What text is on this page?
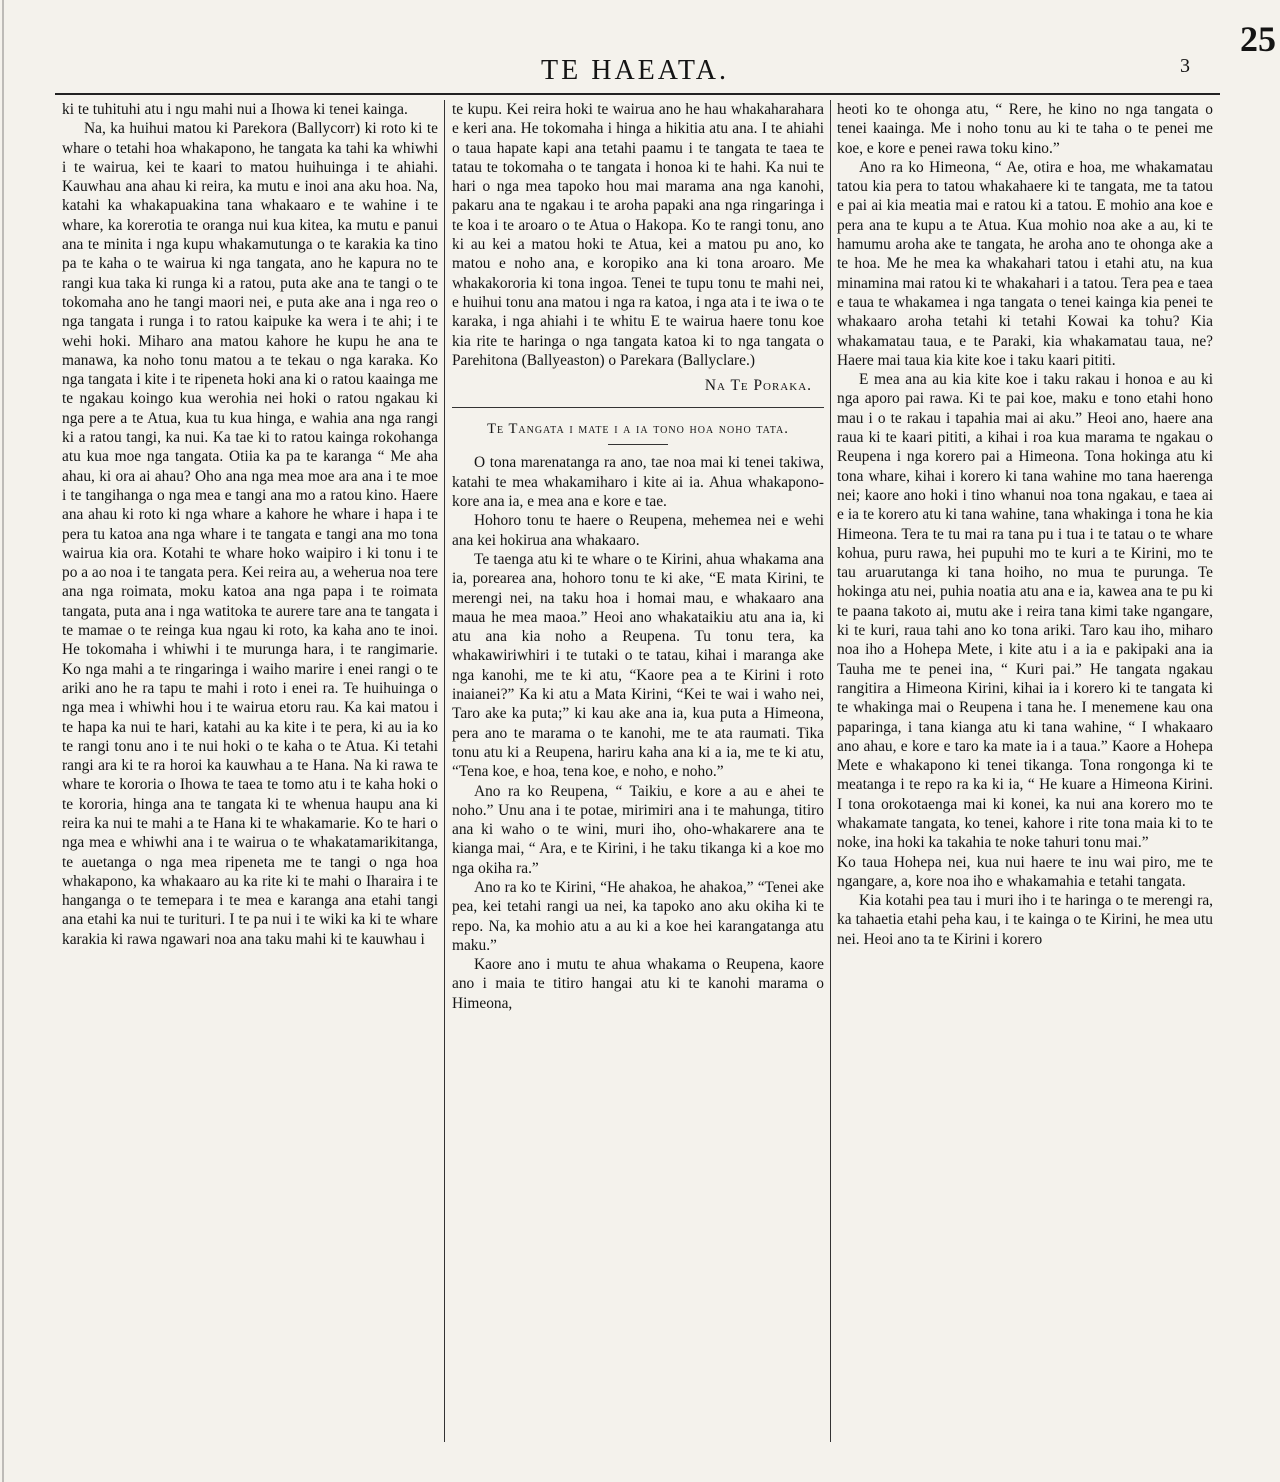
TE HAEATA.	3
25

ki te tuhituhi atu i ngu mahi nui a Ihowa ki tenei kainga.

Na, ka huihui matou ki Parekora (Ballycorr) ki roto ki te whare o tetahi hoa whakapono, he tangata ka tahi ka whiwhi i te wairua, kei te kaari to matou huihuinga i te ahiahi. Kauwhau ana ahau ki reira, ka mutu e inoi ana aku hoa. Na, katahi ka whakapuakina tana whakaaro e te wahine i te whare, ka korerotia te oranga nui kua kitea, ka mutu e panui ana te minita i nga kupu whakamutunga o te karakia ka tino pa te kaha o te wairua ki nga tangata, ano he kapura no te rangi kua taka ki runga ki a ratou, puta ake ana te tangi o te tokomaha ano he tangi maori nei, e puta ake ana i nga reo o nga tangata i runga i to ratou kaipuke ka wera i te ahi; i te wehi hoki. Miharo ana matou kahore he kupu he ana te manawa, ka noho tonu matou a te tekau o nga karaka. Ko nga tangata i kite i te ripeneta hoki ana ki o ratou kaainga me te ngakau koingo kua werohia nei hoki o ratou ngakau ki nga pere a te Atua, kua tu kua hinga, e wahia ana nga rangi ki a ratou tangi, ka nui. Ka tae ki to ratou kainga rokohanga atu kua moe nga tangata. Otiia ka pa te karanga “ Me aha ahau, ki ora ai ahau? Oho ana nga mea moe ara ana i te moe i te tangihanga o nga mea e tangi ana mo a ratou kino. Haere ana ahau ki roto ki nga whare a kahore he whare i hapa i te pera tu katoa ana nga whare i te tangata e tangi ana mo tona wairua kia ora. Kotahi te whare hoko waipiro i ki tonu i te po a ao noa i te tangata pera. Kei reira au, a weherua noa tere ana nga roimata, moku katoa ana nga papa i te roimata tangata, puta ana i nga watitoka te aurere tare ana te tangata i te mamae o te reinga kua ngau ki roto, ka kaha ano te inoi. He tokomaha i whiwhi i te murunga hara, i te rangimarie. Ko nga mahi a te ringaringa i waiho marire i enei rangi o te ariki ano he ra tapu te mahi i roto i enei ra. Te huihuinga o nga mea i whiwhi hou i te wairua etoru rau. Ka kai matou i te hapa ka nui te hari, katahi au ka kite i te pera, ki au ia ko te rangi tonu ano i te nui hoki o te kaha o te Atua. Ki tetahi rangi ara ki te ra horoi ka kauwhau a te Hana. Na ki rawa te whare te kororia o Ihowa te taea te tomo atu i te kaha hoki o te kororia, hinga ana te tangata ki te whenua haupu ana ki reira ka nui te mahi a te Hana ki te whakamarie. Ko te hari o nga mea e whiwhi ana i te wairua o te whakatamarikitanga, te auetanga o nga mea ripeneta me te tangi o nga hoa whakapono, ka whakaaro au ka rite ki te mahi o Iharaira i te hanganga o te temepara i te mea e karanga ana etahi tangi ana etahi ka nui te turituri. I te pa nui i te wiki ka ki te whare karakia ki rawa ngawari noa ana taku mahi ki te kauwhau i

te kupu. Kei reira hoki te wairua ano he hau whakaharahara e keri ana. He tokomaha i hinga a hikitia atu ana. I te ahiahi o taua hapate kapi ana tetahi paamu i te tangata te taea te tatau te tokomaha o te tangata i honoa ki te hahi. Ka nui te hari o nga mea tapoko hou mai marama ana nga kanohi, pakaru ana te ngakau i te aroha papaki ana nga ringaringa i te koa i te aroaro o te Atua o Hakopa. Ko te rangi tonu, ano ki au kei a matou hoki te Atua, kei a matou pu ano, ko matou e noho ana, e koropiko ana ki tona aroaro. Me whakakororia ki tona ingoa. Tenei te tupu tonu te mahi nei, e huihui tonu ana matou i nga ra katoa, i nga ata i te iwa o te karaka, i nga ahiahi i te whitu E te wairua haere tonu koe kia rite te haringa o nga tangata katoa ki to nga tangata o Parehitona (Ballyeaston) o Parekara (Ballyclare.)

Na Te Poraka.
Te Tangata i mate i a ia tono hoa noho tata.

O tona marenatanga ra ano, tae noa mai ki tenei takiwa, katahi te mea whakamiharo i kite ai ia. Ahua whakapono-kore ana ia, e mea ana e kore e tae.

Hohoro tonu te haere o Reupena, mehemea nei e wehi ana kei hokirua ana whakaaro.

Te taenga atu ki te whare o te Kirini, ahua whakama ana ia, porearea ana, hohoro tonu te ki ake, “E mata Kirini, te merengi nei, na taku hoa i homai mau, e whakaaro ana maua he mea maoa.” Heoi ano whakataikiu atu ana ia, ki atu ana kia noho a Reupena. Tu tonu tera, ka whakawiriwhiri i te tutaki o te tatau, kihai i maranga ake nga kanohi, me te ki atu, “Kaore pea a te Kirini i roto inaianei?” Ka ki atu a Mata Kirini, “Kei te wai i waho nei, Taro ake ka puta;” ki kau ake ana ia, kua puta a Himeona, pera ano te marama o te kanohi, me te ata raumati. Tika tonu atu ki a Reupena, hariru kaha ana ki a ia, me te ki atu, “Tena koe, e hoa, tena koe, e noho, e noho.”

Ano ra ko Reupena, “ Taikiu, e kore a au e ahei te noho.” Unu ana i te potae, mirimiri ana i te mahunga, titiro ana ki waho o te wini, muri iho, oho-whakarere ana te kianga mai, “ Ara, e te Kirini, i he taku tikanga ki a koe mo nga okiha ra.”

Ano ra ko te Kirini, “He ahakoa, he ahakoa,” “Tenei ake pea, kei tetahi rangi ua nei, ka tapoko ano aku okiha ki te repo. Na, ka mohio atu a au ki a koe hei karangatanga atu maku.”

Kaore ano i mutu te ahua whakama o Reupena, kaore ano i maia te titiro hangai atu ki te kanohi marama o Himeona,

heoti ko te ohonga atu, “ Rere, he kino no nga tangata o tenei kaainga. Me i noho tonu au ki te taha o te penei me koe, e kore e penei rawa toku kino.”

Ano ra ko Himeona, “ Ae, otira e hoa, me whakamatau tatou kia pera to tatou whakahaere ki te tangata, me ta tatou e pai ai kia meatia mai e ratou ki a tatou. E mohio ana koe e pera ana te kupu a te Atua. Kua mohio noa ake a au, ki te hamumu aroha ake te tangata, he aroha ano te ohonga ake a te hoa. Me he mea ka whakahari tatou i etahi atu, na kua minamina mai ratou ki te whakahari i a tatou. Tera pea e taea e taua te whakamea i nga tangata o tenei kainga kia penei te whakaaro aroha tetahi ki tetahi Kowai ka tohu? Kia whakamatau taua, e te Paraki, kia whakamatau taua, ne? Haere mai taua kia kite koe i taku kaari pititi.

E mea ana au kia kite koe i taku rakau i honoa e au ki nga aporo pai rawa. Ki te pai koe, maku e tono etahi hono mau i o te rakau i tapahia mai ai aku.” Heoi ano, haere ana raua ki te kaari pititi, a kihai i roa kua marama te ngakau o Reupena i nga korero pai a Himeona. Tona hokinga atu ki tona whare, kihai i korero ki tana wahine mo tana haerenga nei; kaore ano hoki i tino whanui noa tona ngakau, e taea ai e ia te korero atu ki tana wahine, tana whakinga i tona he kia Himeona. Tera te tu mai ra tana pu i tua i te tatau o te whare kohua, puru rawa, hei pupuhi mo te kuri a te Kirini, mo te tau aruarutanga ki tana hoiho, no mua te purunga. Te hokinga atu nei, puhia noatia atu ana e ia, kawea ana te pu ki te paana takoto ai, mutu ake i reira tana kimi take ngangare, ki te kuri, raua tahi ano ko tona ariki. Taro kau iho, miharo noa iho a Hohepa Mete, i kite atu i a ia e pakipaki ana ia Tauha me te penei ina, “ Kuri pai.” He tangata ngakau rangitira a Himeona Kirini, kihai ia i korero ki te tangata ki te whakinga mai o Reupena i tana he. I menemene kau ona paparinga, i tana kianga atu ki tana wahine, “ I whakaaro ano ahau, e kore e taro ka mate ia i a taua.” Kaore a Hohepa Mete e whakapono ki tenei tikanga. Tona rongonga ki te meatanga i te repo ra ka ki ia, “ He kuare a Himeona Kirini. I tona orokotaenga mai ki konei, ka nui ana korero mo te whakamate tangata, ko tenei, kahore i rite tona maia ki to te noke, ina hoki ka takahia te noke tahuri tonu mai.”

Ko taua Hohepa nei, kua nui haere te inu wai piro, me te ngangare, a, kore noa iho e whakamahia e tetahi tangata.

Kia kotahi pea tau i muri iho i te haringa o te merengi ra, ka tahaetia etahi peha kau, i te kainga o te Kirini, he mea utu nei. Heoi ano ta te Kirini i korero
